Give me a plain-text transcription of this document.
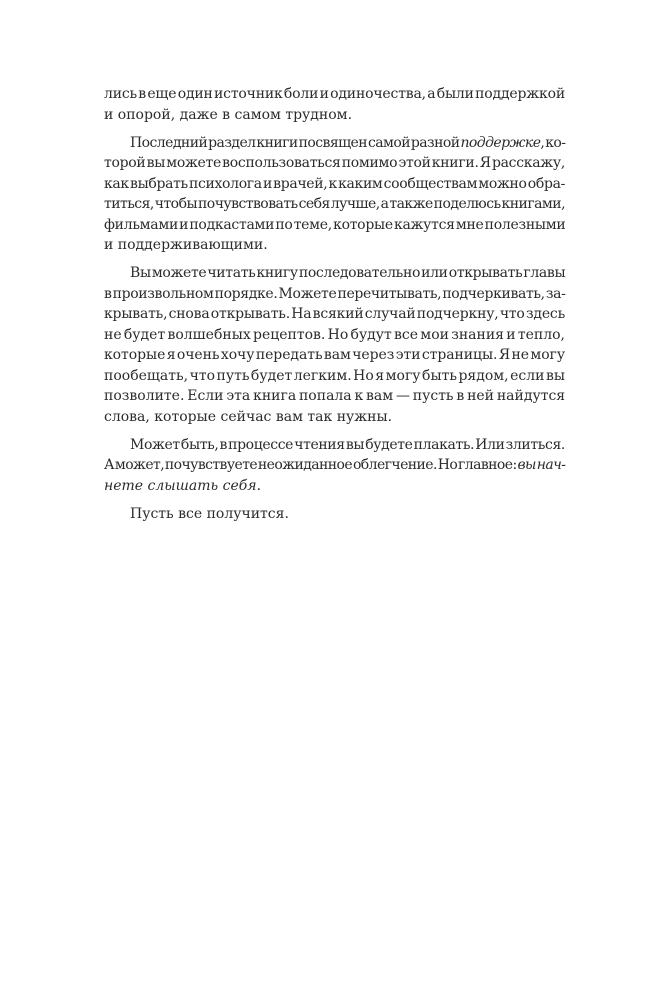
лись в еще один источник боли и одиночества, а были поддержкой
и опорой, даже в самом трудном.

Последний раздел книги посвящен самой разной поддержке, ко-
торой вы можете воспользоваться помимо этой книги. Я расскажу,
как выбрать психолога и врачей, к каким сообществам можно обра-
титься, чтобы почувствовать себя лучше, а также поделюсь книгами,
фильмами и подкастами по теме, которые кажутся мне полезными
и поддерживающими.

Вы можете читать книгу последовательно или открывать главы
в произвольном порядке. Можете перечитывать, подчеркивать, за-
крывать, снова открывать. На всякий случай подчеркну, что здесь
не будет волшебных рецептов. Но будут все мои знания и тепло,
которые я очень хочу передать вам через эти страницы. Я не могу
пообещать, что путь будет легким. Но я могу быть рядом, если вы
позволите. Если эта книга попала к вам — пусть в ней найдутся
слова, которые сейчас вам так нужны.

Может быть, в процессе чтения вы будете плакать. Или злиться.
А может, почувствуете неожиданное облегчение. Но главное: вы нач-
нете слышать себя.

Пусть все получится.
